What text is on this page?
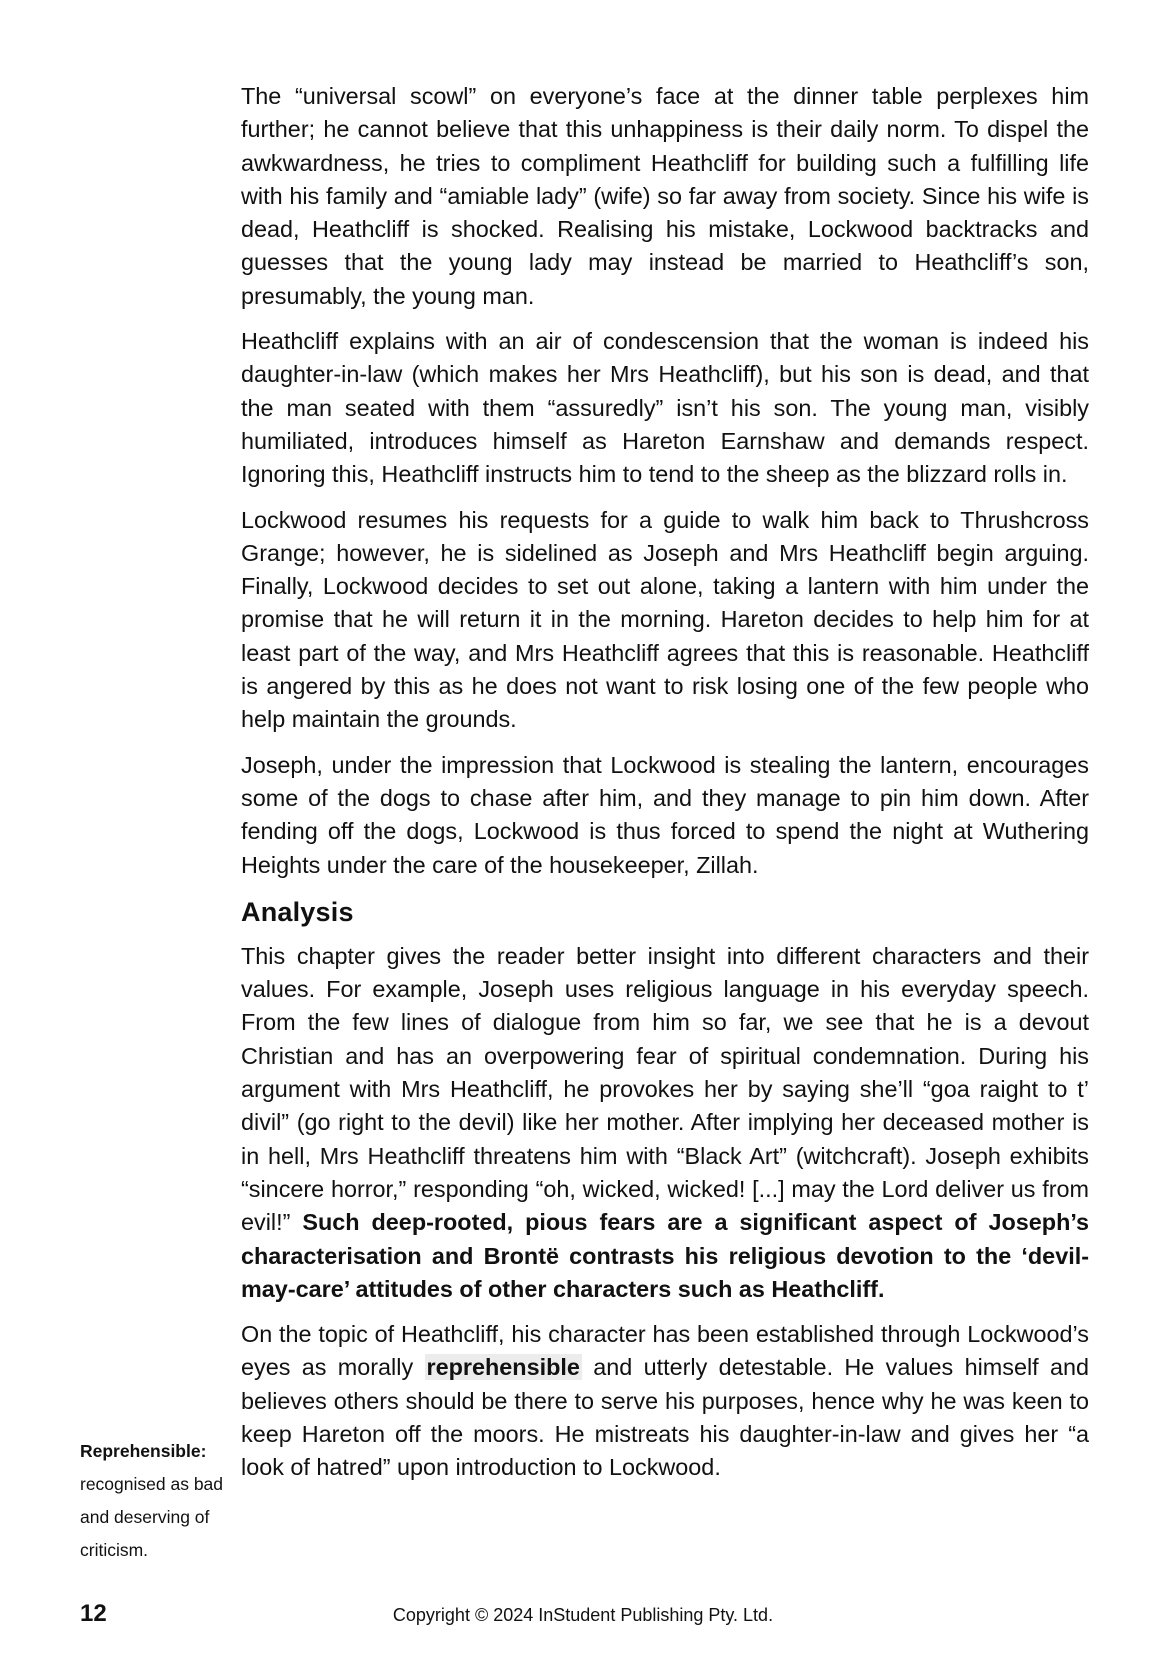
The “universal scowl” on everyone’s face at the dinner table perplexes him further; he cannot believe that this unhappiness is their daily norm. To dispel the awkwardness, he tries to compliment Heathcliff for building such a fulfilling life with his family and “amiable lady” (wife) so far away from society. Since his wife is dead, Heathcliff is shocked. Realising his mistake, Lockwood backtracks and guesses that the young lady may instead be married to Heathcliff’s son, presumably, the young man.

Heathcliff explains with an air of condescension that the woman is indeed his daughter-in-law (which makes her Mrs Heathcliff), but his son is dead, and that the man seated with them “assuredly” isn’t his son. The young man, visibly humiliated, introduces himself as Hareton Earnshaw and demands respect. Ignoring this, Heathcliff instructs him to tend to the sheep as the blizzard rolls in.

Lockwood resumes his requests for a guide to walk him back to Thrushcross Grange; however, he is sidelined as Joseph and Mrs Heathcliff begin arguing. Finally, Lockwood decides to set out alone, taking a lantern with him under the promise that he will return it in the morning. Hareton decides to help him for at least part of the way, and Mrs Heathcliff agrees that this is reasonable. Heathcliff is angered by this as he does not want to risk losing one of the few people who help maintain the grounds.

Joseph, under the impression that Lockwood is stealing the lantern, encourages some of the dogs to chase after him, and they manage to pin him down. After fending off the dogs, Lockwood is thus forced to spend the night at Wuthering Heights under the care of the housekeeper, Zillah.

Analysis

This chapter gives the reader better insight into different characters and their values. For example, Joseph uses religious language in his everyday speech. From the few lines of dialogue from him so far, we see that he is a devout Christian and has an overpowering fear of spiritual condemnation. During his argument with Mrs Heathcliff, he provokes her by saying she’ll “goa raight to t’ divil” (go right to the devil) like her mother. After implying her deceased mother is in hell, Mrs Heathcliff threatens him with “Black Art” (witchcraft). Joseph exhibits “sincere horror,” responding “oh, wicked, wicked! [...] may the Lord deliver us from evil!” Such deep-rooted, pious fears are a significant aspect of Joseph’s characterisation and Brontë contrasts his religious devotion to the ‘devil-may-care’ attitudes of other characters such as Heathcliff.

On the topic of Heathcliff, his character has been established through Lockwood’s eyes as morally reprehensible and utterly detestable. He values himself and believes others should be there to serve his purposes, hence why he was keen to keep Hareton off the moors. He mistreats his daughter-in-law and gives her “a look of hatred” upon introduction to Lockwood.

Reprehensible:
recognised as bad and deserving of criticism.
12	Copyright © 2024 InStudent Publishing Pty. Ltd.
